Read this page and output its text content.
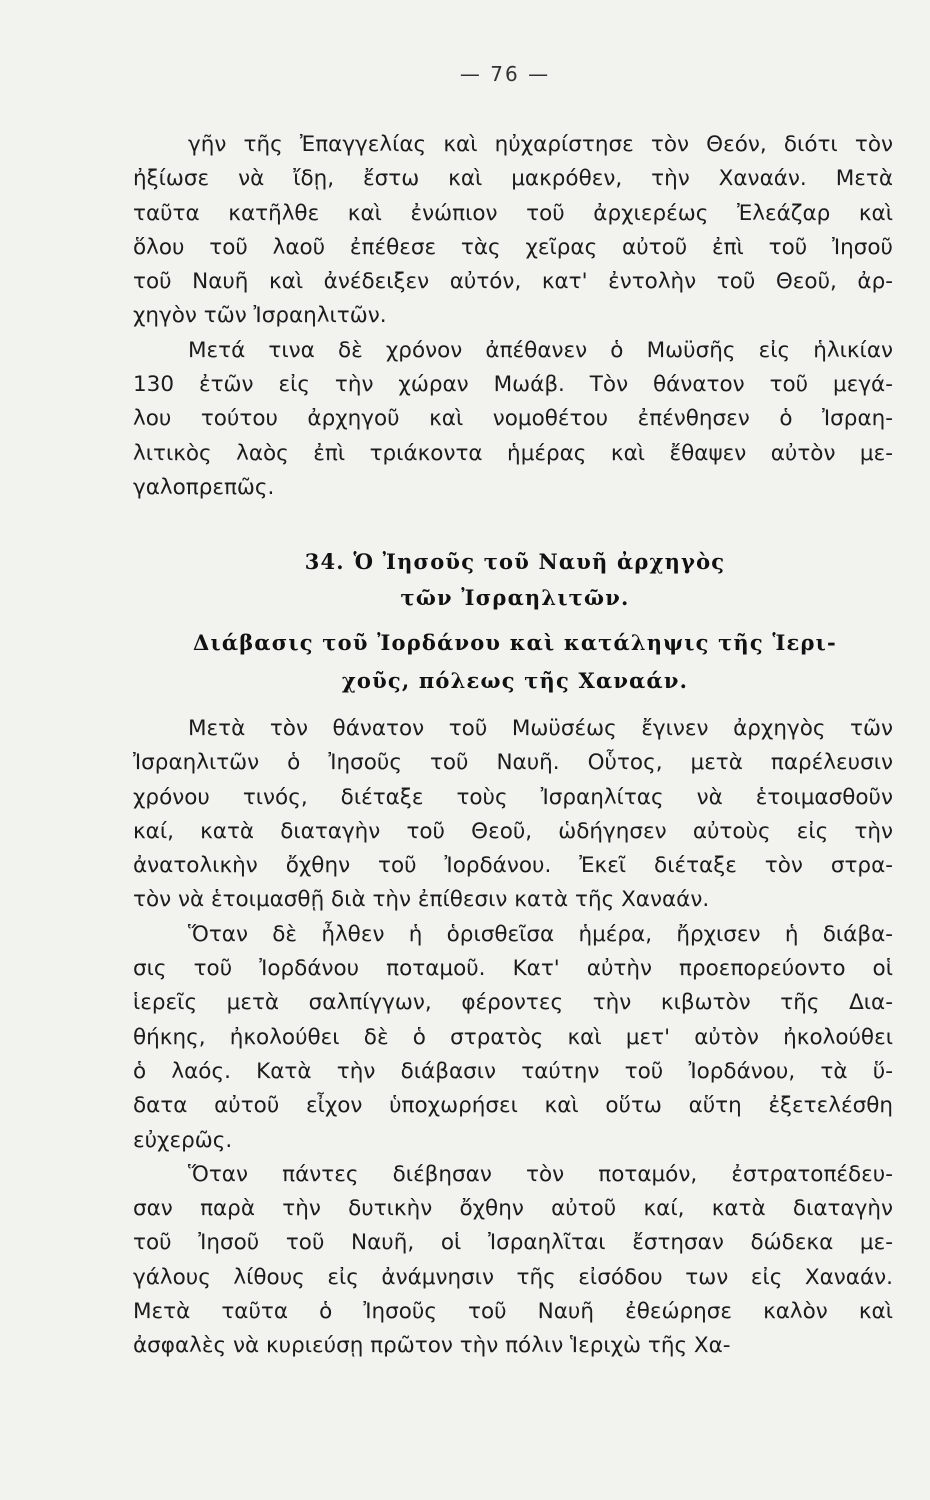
— 76 —
γῆν τῆς Ἐπαγγελίας καὶ ηὐχαρίστησε τὸν Θεόν, διότι τὸν
ἠξίωσε νὰ ἴδῃ, ἔστω καὶ μακρόθεν, τὴν Χαναάν. Μετὰ
ταῦτα κατῆλθε καὶ ἐνώπιον τοῦ ἀρχιερέως Ἐλεάζαρ καὶ
ὅλου τοῦ λαοῦ ἐπέθεσε τὰς χεῖρας αὐτοῦ ἐπὶ τοῦ Ἰησοῦ
τοῦ Ναυῆ καὶ ἀνέδειξεν αὐτόν, κατ' ἐντολὴν τοῦ Θεοῦ, ἀρ-
χηγὸν τῶν Ἰσραηλιτῶν.
Μετά τινα δὲ χρόνον ἀπέθανεν ὁ Μωϋσῆς εἰς ἡλικίαν
130 ἐτῶν εἰς τὴν χώραν Μωάβ. Τὸν θάνατον τοῦ μεγά-
λου τούτου ἀρχηγοῦ καὶ νομοθέτου ἐπένθησεν ὁ Ἰσραη-
λιτικὸς λαὸς ἐπὶ τριάκοντα ἡμέρας καὶ ἔθαψεν αὐτὸν με-
γαλοπρεπῶς.
34. Ὁ Ἰησοῦς τοῦ Ναυῆ ἀρχηγὸς
τῶν Ἰσραηλιτῶν.
Διάβασις τοῦ Ἰορδάνου καὶ κατάληψις τῆς Ἱερι-
χοῦς, πόλεως τῆς Χαναάν.
Μετὰ τὸν θάνατον τοῦ Μωϋσέως ἔγινεν ἀρχηγὸς τῶν
Ἰσραηλιτῶν ὁ Ἰησοῦς τοῦ Ναυῆ. Οὗτος, μετὰ παρέλευσιν
χρόνου τινός, διέταξε τοὺς Ἰσραηλίτας νὰ ἑτοιμασθοῦν
καί, κατὰ διαταγὴν τοῦ Θεοῦ, ὡδήγησεν αὐτοὺς εἰς τὴν
ἀνατολικὴν ὄχθην τοῦ Ἰορδάνου. Ἐκεῖ διέταξε τὸν στρα-
τὸν νὰ ἑτοιμασθῇ διὰ τὴν ἐπίθεσιν κατὰ τῆς Χαναάν.
Ὅταν δὲ ἦλθεν ἡ ὁρισθεῖσα ἡμέρα, ἤρχισεν ἡ διάβα-
σις τοῦ Ἰορδάνου ποταμοῦ. Κατ' αὐτὴν προεπορεύοντο οἱ
ἱερεῖς μετὰ σαλπίγγων, φέροντες τὴν κιβωτὸν τῆς Δια-
θήκης, ἠκολούθει δὲ ὁ στρατὸς καὶ μετ' αὐτὸν ἠκολούθει
ὁ λαός. Κατὰ τὴν διάβασιν ταύτην τοῦ Ἰορδάνου, τὰ ὕ-
δατα αὐτοῦ εἶχον ὑποχωρήσει καὶ οὕτω αὕτη ἐξετελέσθη
εὐχερῶς.
Ὅταν πάντες διέβησαν τὸν ποταμόν, ἐστρατοπέδευ-
σαν παρὰ τὴν δυτικὴν ὄχθην αὐτοῦ καί, κατὰ διαταγὴν
τοῦ Ἰησοῦ τοῦ Ναυῆ, οἱ Ἰσραηλῖται ἔστησαν δώδεκα με-
γάλους λίθους εἰς ἀνάμνησιν τῆς εἰσόδου των εἰς Χαναάν.
Μετὰ ταῦτα ὁ Ἰησοῦς τοῦ Ναυῆ ἐθεώρησε καλὸν καὶ
ἀσφαλὲς νὰ κυριεύσῃ πρῶτον τὴν πόλιν Ἱεριχὼ τῆς Χα-
